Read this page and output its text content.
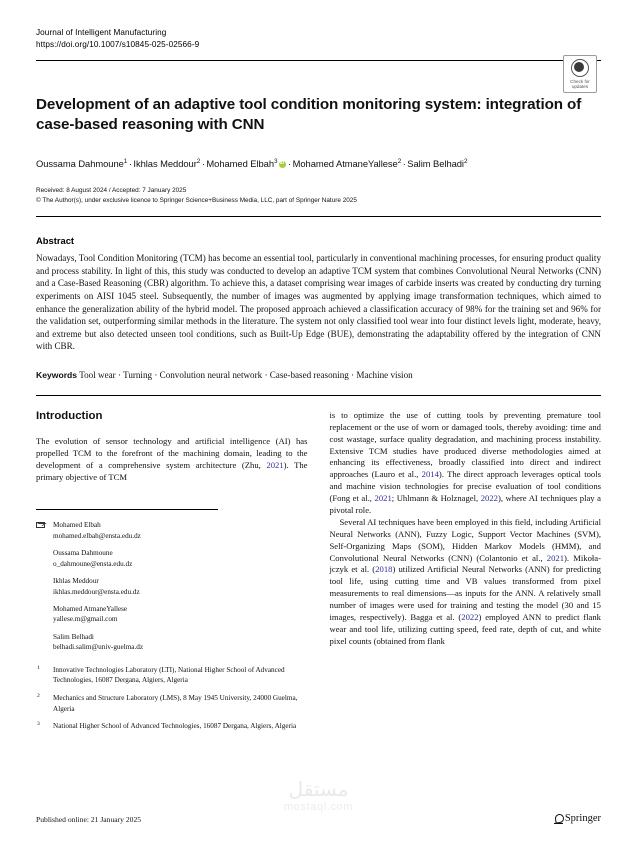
Journal of Intelligent Manufacturing
https://doi.org/10.1007/s10845-025-02566-9
Check for
updates
Development of an adaptive tool condition monitoring system: integration of case-based reasoning with CNN
Oussama Dahmoune$^1$ · Ikhlas Meddour$^2$ · Mohamed Elbah$^3$ iD · Mohamed AtmaneYallese$^2$ · Salim Belhadi$^2$
Received: 8 August 2024 / Accepted: 7 January 2025
© The Author(s), under exclusive licence to Springer Science+Business Media, LLC, part of Springer Nature 2025
Abstract
Nowadays, Tool Condition Monitoring (TCM) has become an essential tool, particularly in conventional machining processes, for ensuring product quality and process stability. In light of this, this study was conducted to develop an adaptive TCM system that combines Convolutional Neural Networks (CNN) and a Case-Based Reasoning (CBR) algorithm. To achieve this, a dataset comprising wear images of carbide inserts was created by conducting dry turning experiments on AISI 1045 steel. Subsequently, the number of images was augmented by applying image transformation techniques, which aimed to enhance the generalization ability of the hybrid model. The proposed approach achieved a classification accuracy of 98% for the training set and 96% for the validation set, outperforming similar methods in the literature. The system not only classified tool wear into four distinct levels light, moderate, heavy, and extreme but also detected unseen tool conditions, such as Built-Up Edge (BUE), demonstrating the adaptability offered by the integration of CNN with CBR.
Keywords Tool wear · Turning · Convolution neural network · Case-based reasoning · Machine vision
Introduction

The evolution of sensor technology and artificial intelligence (AI) has propelled TCM to the forefront of the machining domain, leading to the development of a comprehensive system architecture (Zhu, 2021). The primary objective of TCM

Mohamed Elbah
mohamed.elbah@ensta.edu.dz
Oussama Dahmoune
o_dahmoune@ensta.edu.dz
Ikhlas Meddour
ikhlas.meddour@ensta.edu.dz
Mohamed AtmaneYallese
yallese.m@gmail.com
Salim Belhadi
belhadi.salim@univ-guelma.dz
1 Innovative Technologies Laboratory (LTI), National Higher School of Advanced Technologies, 16087 Dergana, Algiers, Algeria
2 Mechanics and Structure Laboratory (LMS), 8 May 1945 University, 24000 Guelma, Algeria
3 National Higher School of Advanced Technologies, 16087 Dergana, Algiers, Algeria

is to optimize the use of cutting tools by preventing premature tool replacement or the use of worn or damaged tools, thereby avoiding: time and cost wastage, surface quality degradation, and machining process instability. Extensive TCM studies have produced diverse methodologies aimed at enhancing its effectiveness, broadly classified into direct and indirect approaches (Lauro et al., 2014). The direct approach leverages optical tools and machine vision technologies for precise evaluation of tool conditions (Fong et al., 2021; Uhlmann & Holznagel, 2022), where AI techniques play a pivotal role.

Several AI techniques have been employed in this field, including Artificial Neural Networks (ANN), Fuzzy Logic, Support Vector Machines (SVM), Self-Organizing Maps (SOM), Hidden Markov Models (HMM), and Convolutional Neural Networks (CNN) (Colantonio et al., 2021). Mikoła-jczyk et al. (2018) utilized Artificial Neural Networks (ANN) for predicting tool life, using cutting time and VB values transformed from pixel measurements to real dimensions—as inputs for the ANN. A relatively small number of images were used for training and testing the model (30 and 15 images, respectively). Bagga et al. (2022) employed ANN to predict flank wear and tool life, utilizing cutting speed, feed rate, depth of cut, and white pixel counts (obtained from flank

مستقل
mostaql.com
Published online: 21 January 2025	Springer
